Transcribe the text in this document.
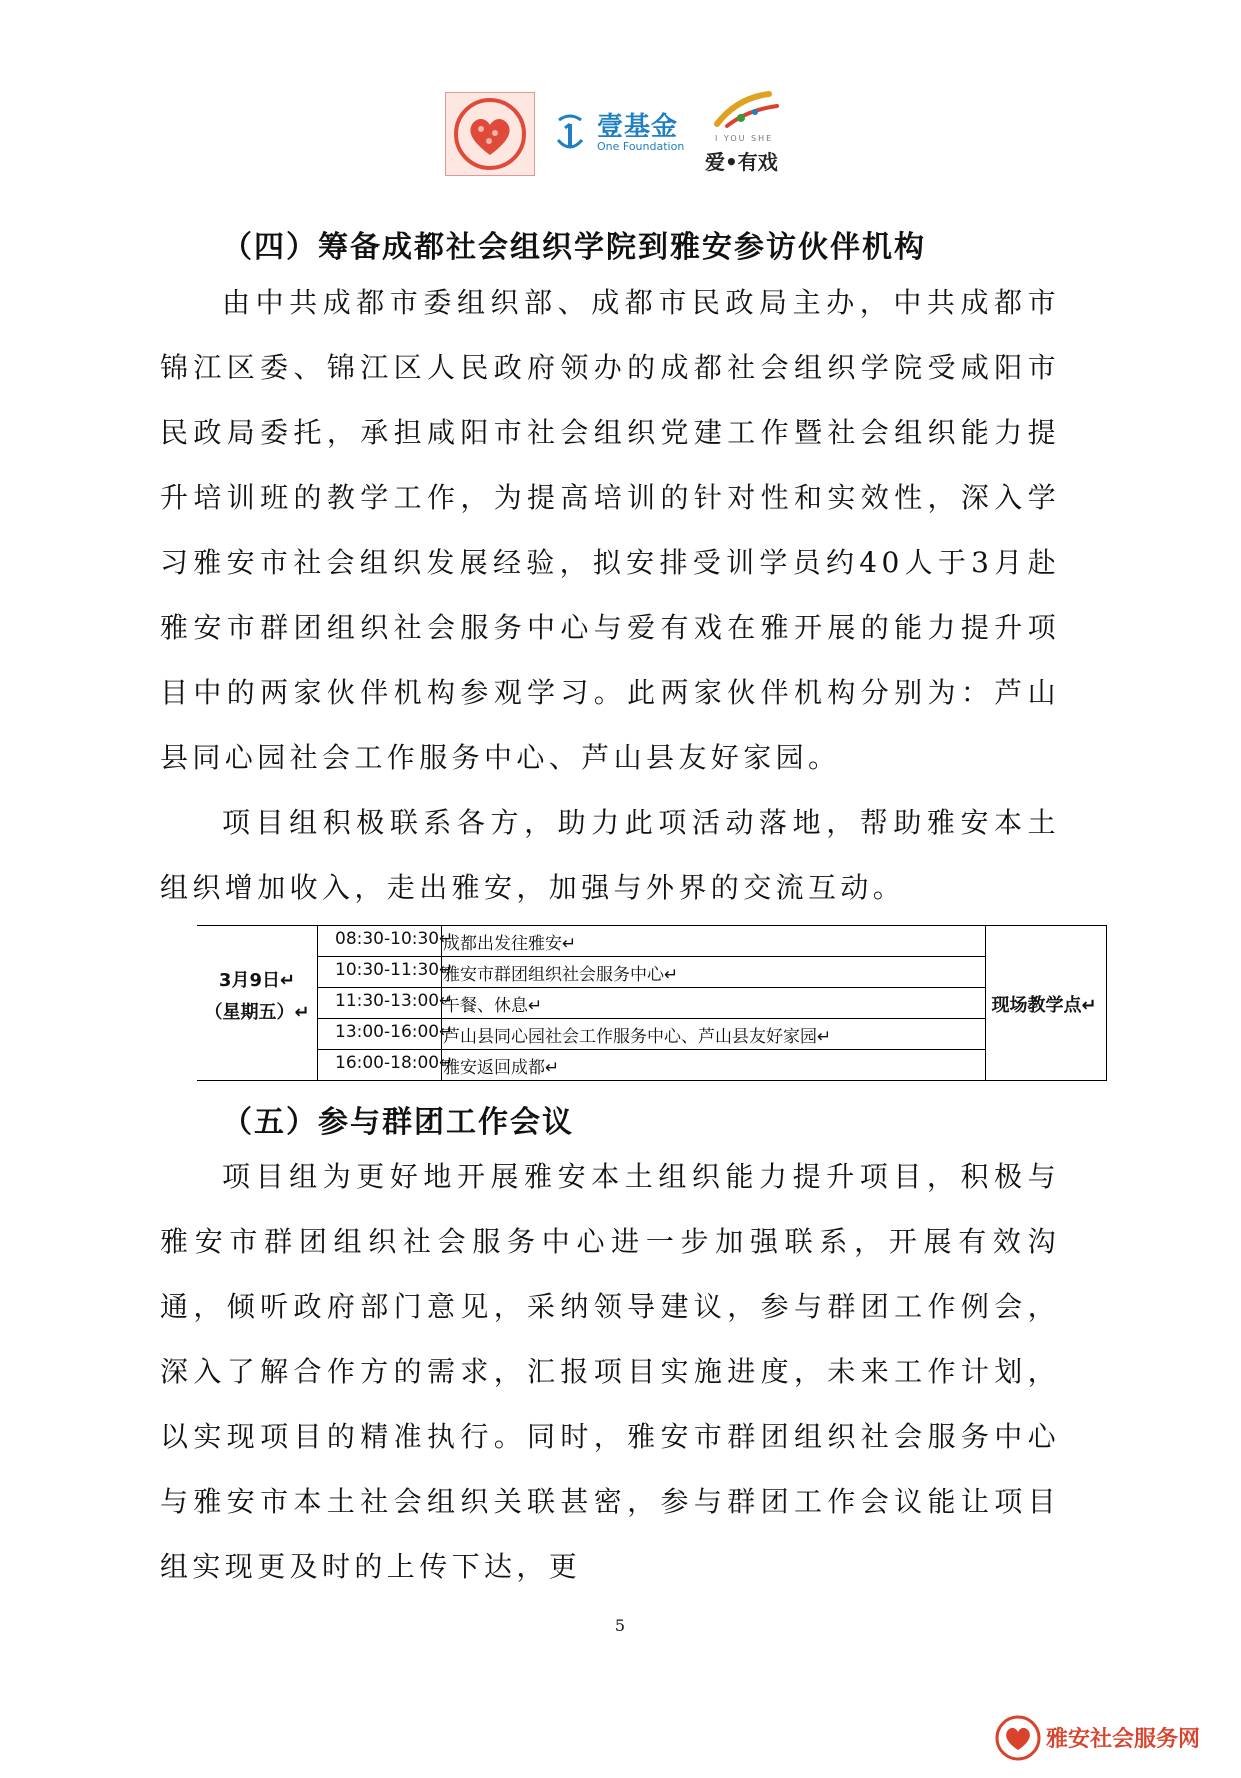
壹基金
One Foundation
I YOU SHE
爱•有戏
（四）筹备成都社会组织学院到雅安参访伙伴机构

由中共成都市委组织部、成都市民政局主办，中共成都市锦江区委、锦江区人民政府领办的成都社会组织学院受咸阳市民政局委托，承担咸阳市社会组织党建工作暨社会组织能力提升培训班的教学工作，为提高培训的针对性和实效性，深入学习雅安市社会组织发展经验，拟安排受训学员约40人于3月赴雅安市群团组织社会服务中心与爱有戏在雅开展的能力提升项目中的两家伙伴机构参观学习。此两家伙伴机构分别为：芦山县同心园社会工作服务中心、芦山县友好家园。

项目组积极联系各方，助力此项活动落地，帮助雅安本土组织增加收入，走出雅安，加强与外界的交流互动。

3月9日↵
（星期五）↵
08:30-10:30↵
成都出发往雅安↵
10:30-11:30↵
雅安市群团组织社会服务中心↵
11:30-13:00↵
午餐、休息↵
13:00-16:00↵
芦山县同心园社会工作服务中心、芦山县友好家园↵
16:00-18:00↵
雅安返回成都↵
现场教学点↵
（五）参与群团工作会议

项目组为更好地开展雅安本土组织能力提升项目，积极与雅安市群团组织社会服务中心进一步加强联系，开展有效沟通，倾听政府部门意见，采纳领导建议，参与群团工作例会，深入了解合作方的需求，汇报项目实施进度，未来工作计划，以实现项目的精准执行。同时，雅安市群团组织社会服务中心与雅安市本土社会组织关联甚密，参与群团工作会议能让项目组实现更及时的上传下达，更

5
雅安社会服务网
